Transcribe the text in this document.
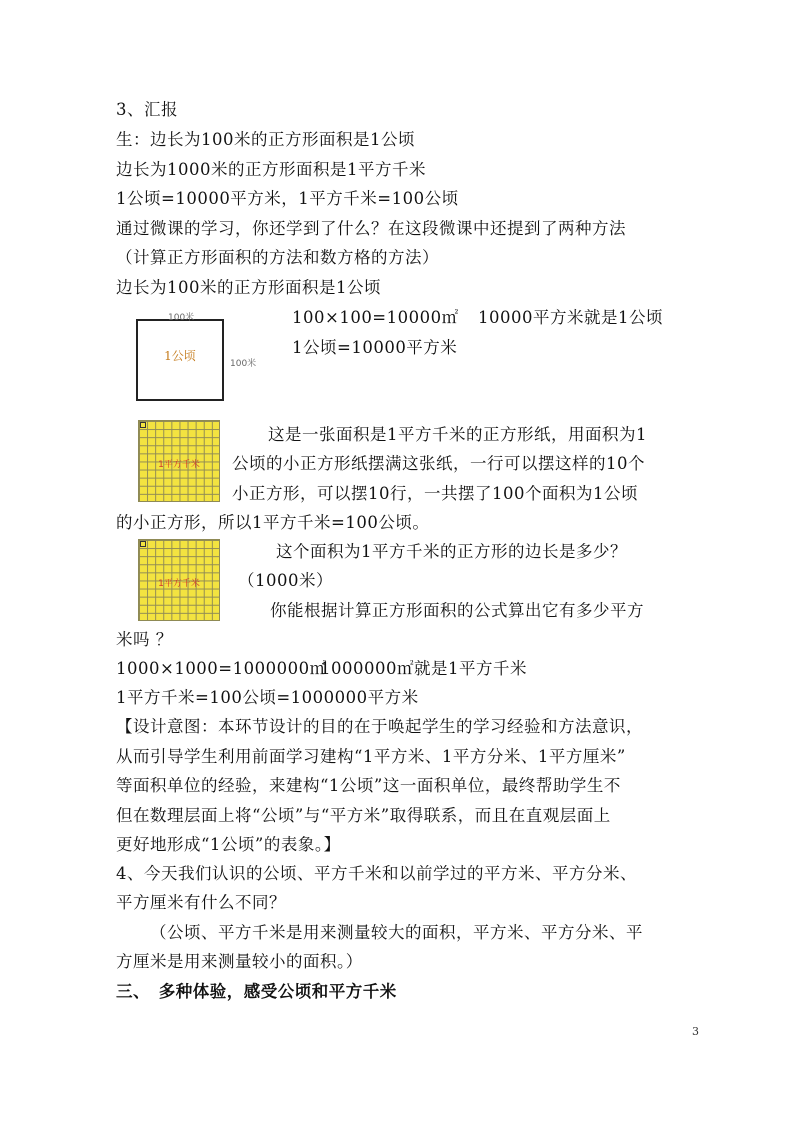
3、汇报
生：边长为100米的正方形面积是1公顷
边长为1000米的正方形面积是1平方千米
1公顷=10000平方米，1平方千米=100公顷
通过微课的学习，你还学到了什么？在这段微课中还提到了两种方法
（计算正方形面积的方法和数方格的方法）
边长为100米的正方形面积是1公顷
1公顷
100米
100米
100×100=10000㎡ 10000平方米就是1公顷
1公顷=10000平方米
1平方千米
这是一张面积是1平方千米的正方形纸，用面积为1
公顷的小正方形纸摆满这张纸，一行可以摆这样的10个
小正方形，可以摆10行，一共摆了100个面积为1公顷
的小正方形，所以1平方千米=100公顷。
1平方千米
这个面积为1平方千米的正方形的边长是多少？
（1000米）
你能根据计算正方形面积的公式算出它有多少平方
米吗 ？
1000×1000=1000000㎡
1000000㎡就是1平方千米
1平方千米=100公顷=1000000平方米
【设计意图：本环节设计的目的在于唤起学生的学习经验和方法意识，
从而引导学生利用前面学习建构“1平方米、1平方分米、1平方厘米”
等面积单位的经验，来建构“1公顷”这一面积单位，最终帮助学生不
但在数理层面上将“公顷”与“平方米”取得联系，而且在直观层面上
更好地形成“1公顷”的表象。】
4、今天我们认识的公顷、平方千米和以前学过的平方米、平方分米、
平方厘米有什么不同？
（公顷、平方千米是用来测量较大的面积，平方米、平方分米、平
方厘米是用来测量较小的面积。）
三、　多种体验，感受公顷和平方千米
3
